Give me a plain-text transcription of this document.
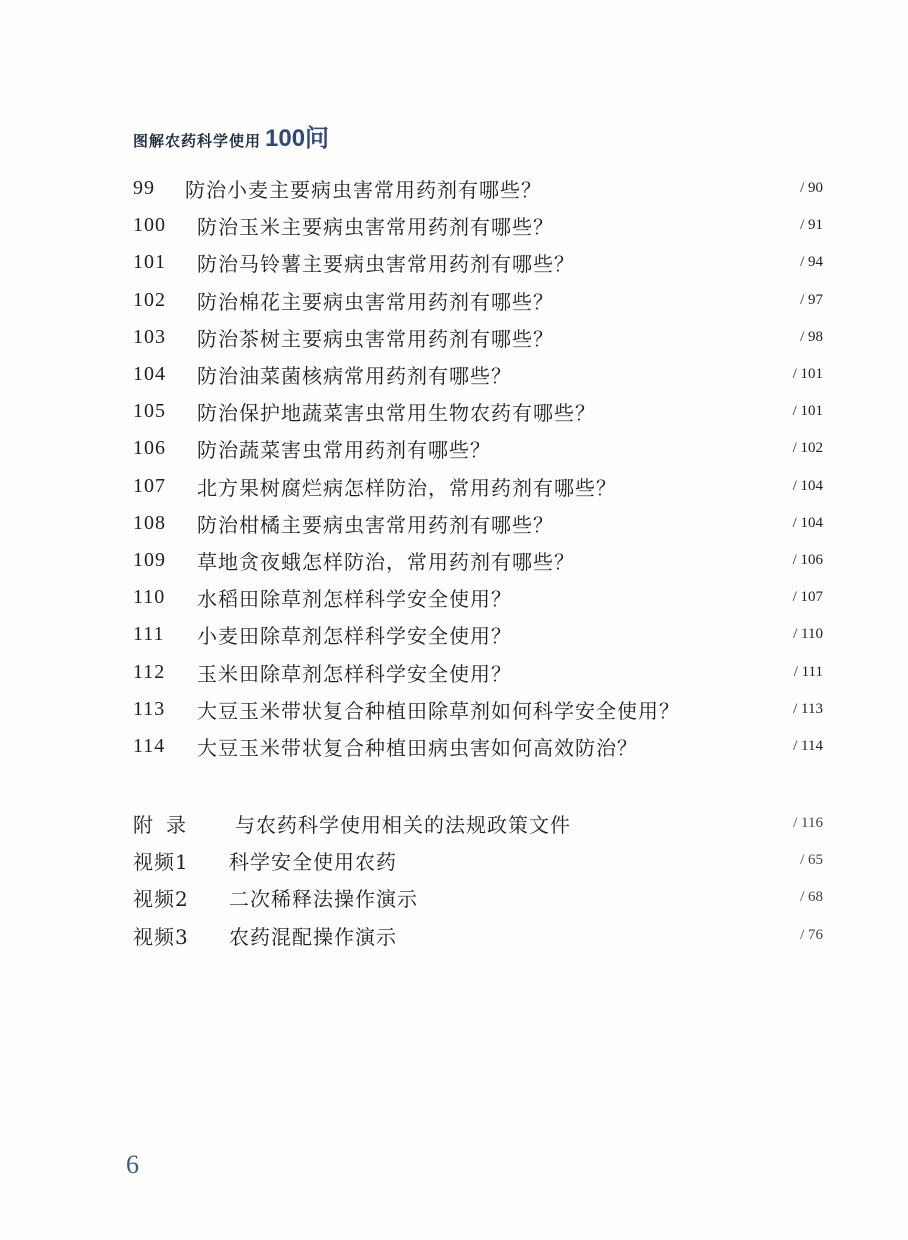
图解农药科学使用 100问
99	防治小麦主要病虫害常用药剂有哪些？	/ 90
100	防治玉米主要病虫害常用药剂有哪些？	/ 91
101	防治马铃薯主要病虫害常用药剂有哪些？	/ 94
102	防治棉花主要病虫害常用药剂有哪些？	/ 97
103	防治茶树主要病虫害常用药剂有哪些？	/ 98
104	防治油菜菌核病常用药剂有哪些？	/ 101
105	防治保护地蔬菜害虫常用生物农药有哪些？	/ 101
106	防治蔬菜害虫常用药剂有哪些？	/ 102
107	北方果树腐烂病怎样防治，常用药剂有哪些？	/ 104
108	防治柑橘主要病虫害常用药剂有哪些？	/ 104
109	草地贪夜蛾怎样防治，常用药剂有哪些？	/ 106
110	水稻田除草剂怎样科学安全使用？	/ 107
111	小麦田除草剂怎样科学安全使用？	/ 110
112	玉米田除草剂怎样科学安全使用？	/ 111
113	大豆玉米带状复合种植田除草剂如何科学安全使用？	/ 113
114	大豆玉米带状复合种植田病虫害如何高效防治？	/ 114
附录	与农药科学使用相关的法规政策文件	/ 116
视频1	科学安全使用农药	/ 65
视频2	二次稀释法操作演示	/ 68
视频3	农药混配操作演示	/ 76
6
